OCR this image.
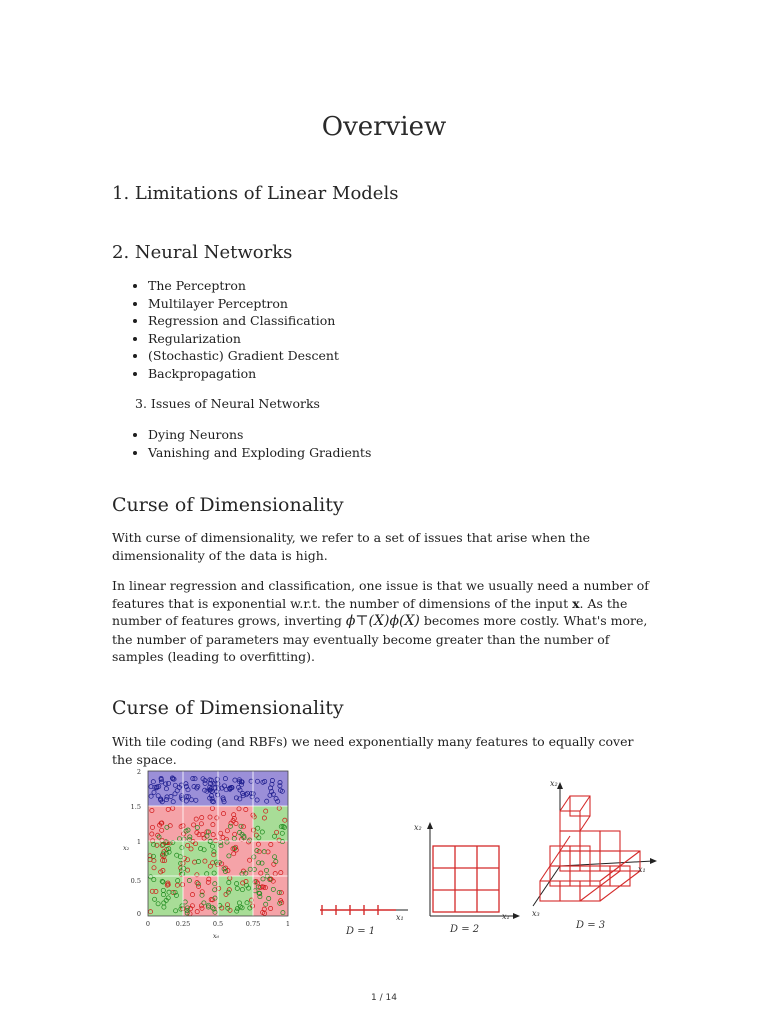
Overview
1. Limitations of Linear Models
2. Neural Networks
• The Perceptron
• Multilayer Perceptron
• Regression and Classification
• Regularization
• (Stochastic) Gradient Descent
• Backpropagation
3. Issues of Neural Networks
• Dying Neurons
• Vanishing and Exploding Gradients
Curse of Dimensionality

With curse of dimensionality, we refer to a set of issues that arise when the dimensionality of the data is high.

In linear regression and classification, one issue is that we usually need a number of features that is exponential w.r.t. the number of dimensions of the input x. As the number of features grows, inverting ϕ⊤(X)ϕ(X) becomes more costly. What's more, the number of parameters may eventually become greater than the number of samples (leading to overfitting).

Curse of Dimensionality

With tile coding (and RBFs) we need exponentially many features to equally cover the space.

2
1.5
1
0.5
0
0	0.25	0.5	0.75	1
x₂
x₆
x₁
D = 1
x₂
x₁
D = 2
x₂
x₁
x₃
D = 3
1 / 14
